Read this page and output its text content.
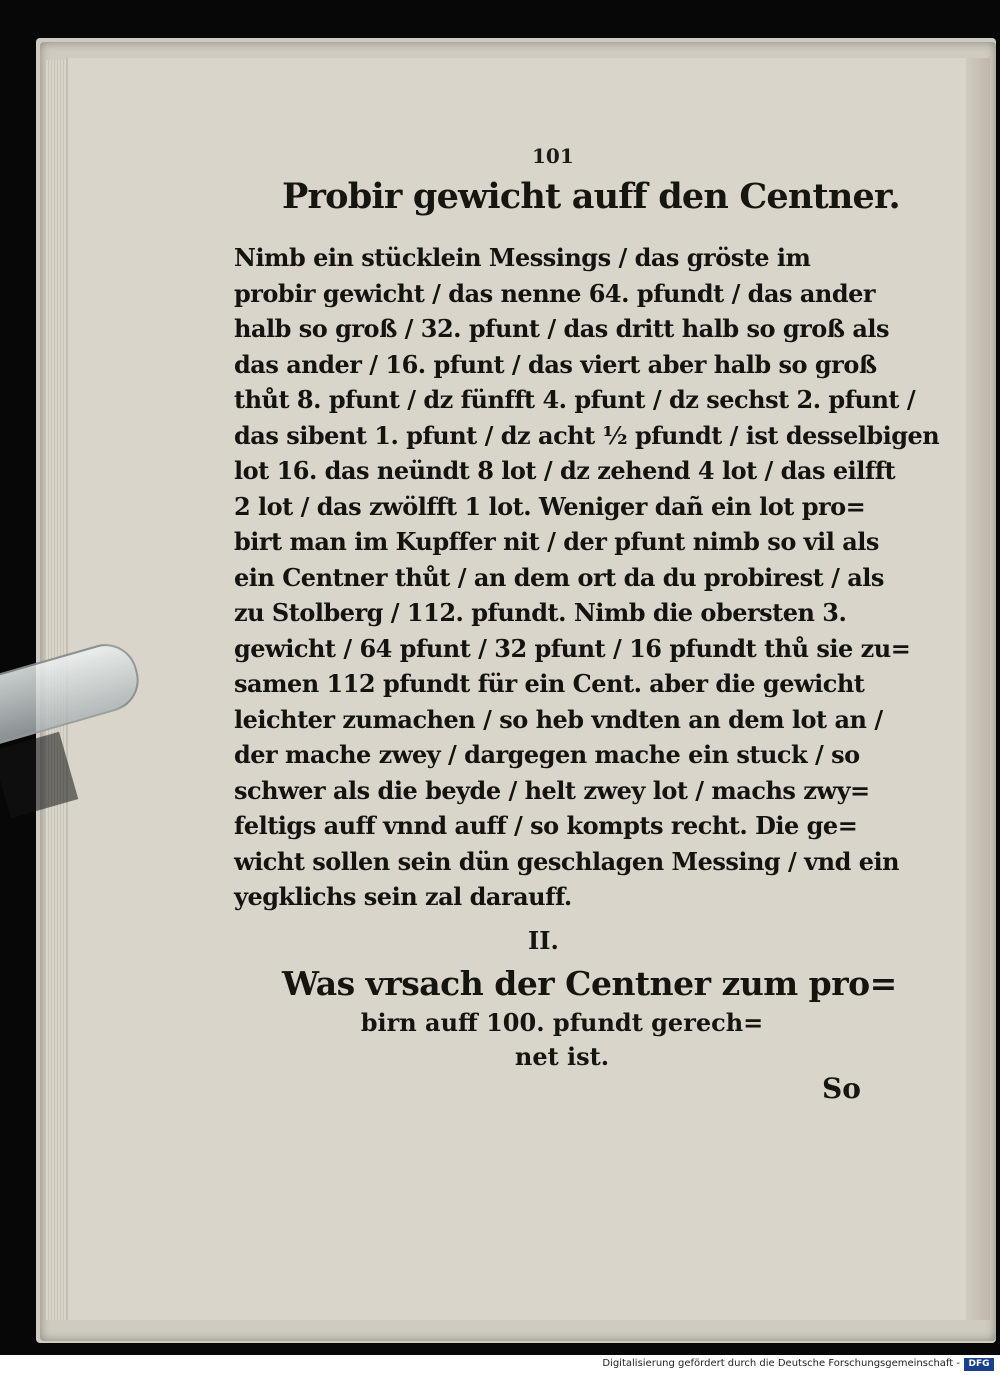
101
Probir gewicht auff den Centner.
Nimb ein stücklein Messings / das gröste im
probir gewicht / das nenne 64. pfundt / das ander
halb so groß / 32. pfunt / das dritt halb so groß als
das ander / 16. pfunt / das viert aber halb so groß
thůt 8. pfunt / dz fünfft 4. pfunt / dz sechst 2. pfunt /
das sibent 1. pfunt / dz acht ½ pfundt / ist desselbigen
lot 16. das neündt 8 lot / dz zehend 4 lot / das eilfft
2 lot / das zwölfft 1 lot. Weniger dañ ein lot pro=
birt man im Kupffer nit / der pfunt nimb so vil als
ein Centner thůt / an dem ort da du probirest / als
zu Stolberg / 112. pfundt. Nimb die obersten 3.
gewicht / 64 pfunt / 32 pfunt / 16 pfundt thů sie zu=
samen 112 pfundt für ein Cent. aber die gewicht
leichter zumachen / so heb vndten an dem lot an /
der mache zwey / dargegen mache ein stuck / so
schwer als die beyde / helt zwey lot / machs zwy=
feltigs auff vnnd auff / so kompts recht. Die ge=
wicht sollen sein dün geschlagen Messing / vnd ein
yegklichs sein zal darauff.
II.
Was vrsach der Centner zum pro=
birn auff 100. pfundt gerech=
net ist.
So
Digitalisierung gefördert durch die Deutsche Forschungsgemeinschaft - DFG
